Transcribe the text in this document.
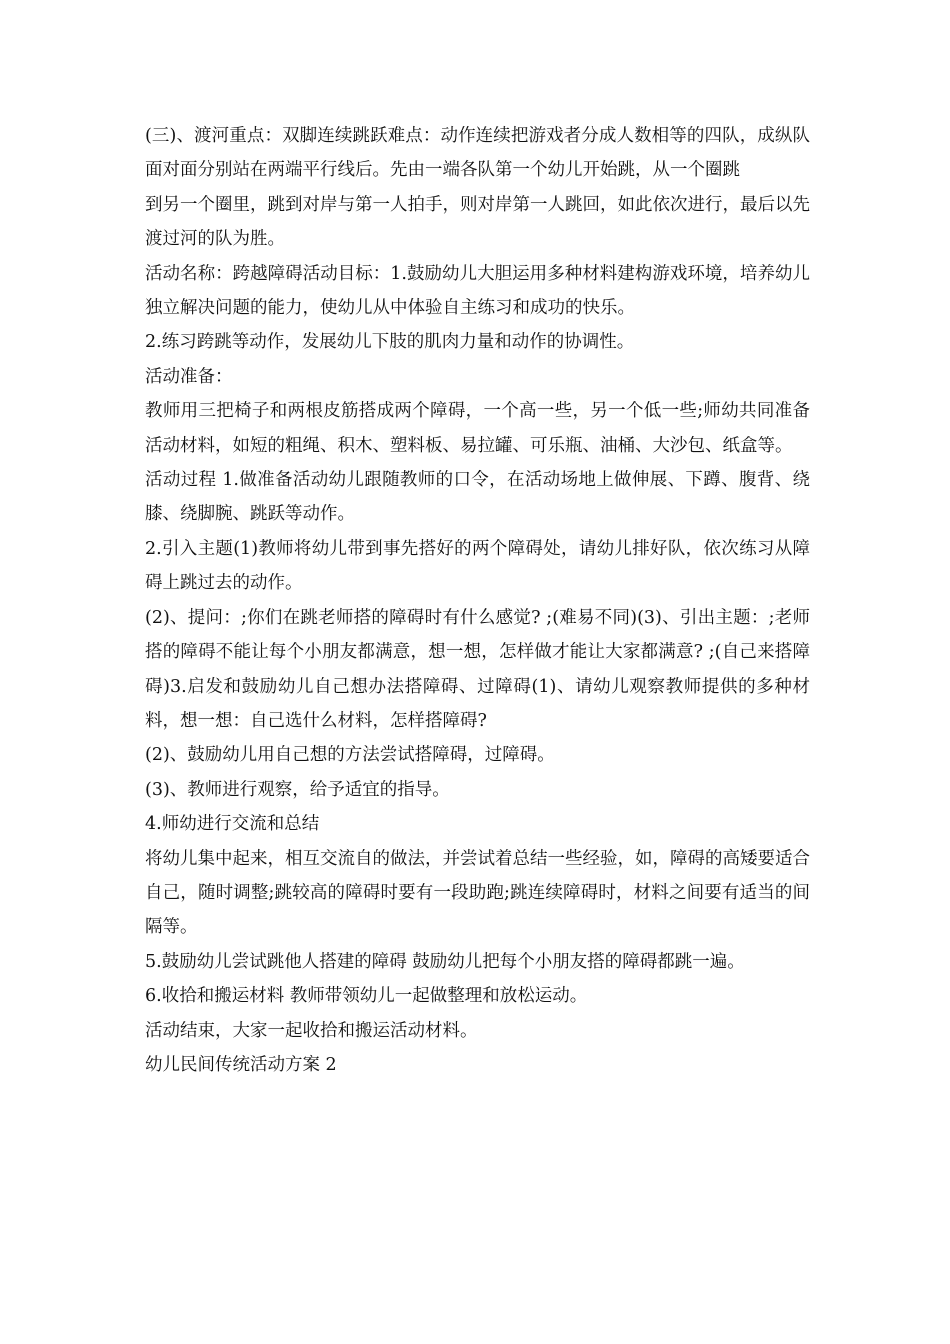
(三)、渡河重点：双脚连续跳跃难点：动作连续把游戏者分成人数相等的四队，成纵队面对面分别站在两端平行线后。先由一端各队第一个幼儿开始跳，从一个圈跳

到另一个圈里，跳到对岸与第一人拍手，则对岸第一人跳回，如此依次进行，最后以先渡过河的队为胜。

活动名称：跨越障碍活动目标：1.鼓励幼儿大胆运用多种材料建构游戏环境，培养幼儿 独立解决问题的能力，使幼儿从中体验自主练习和成功的快乐。

2.练习跨跳等动作，发展幼儿下肢的肌肉力量和动作的协调性。

活动准备：

教师用三把椅子和两根皮筋搭成两个障碍，一个高一些，另一个低一些;师幼共同准备活动材料，如短的粗绳、积木、塑料板、易拉罐、可乐瓶、油桶、大沙包、纸盒等。

活动过程 1.做准备活动幼儿跟随教师的口令，在活动场地上做伸展、下蹲、腹背、绕膝、绕脚腕、跳跃等动作。

2.引入主题(1)教师将幼儿带到事先搭好的两个障碍处，请幼儿排好队，依次练习从障碍上跳过去的动作。

(2)、提问：;你们在跳老师搭的障碍时有什么感觉? ;(难易不同)(3)、引出主题：;老师搭的障碍不能让每个小朋友都满意，想一想，怎样做才能让大家都满意? ;(自己来搭障碍)3.启发和鼓励幼儿自己想办法搭障碍、过障碍(1)、请幼儿观察教师提供的多种材料，想一想：自己选什么材料，怎样搭障碍?

(2)、鼓励幼儿用自己想的方法尝试搭障碍，过障碍。

(3)、教师进行观察，给予适宜的指导。

4.师幼进行交流和总结

将幼儿集中起来，相互交流自的做法，并尝试着总结一些经验，如，障碍的高矮要适合自己，随时调整;跳较高的障碍时要有一段助跑;跳连续障碍时，材料之间要有适当的间隔等。

5.鼓励幼儿尝试跳他人搭建的障碍 鼓励幼儿把每个小朋友搭的障碍都跳一遍。

6.收拾和搬运材料 教师带领幼儿一起做整理和放松运动。

活动结束，大家一起收拾和搬运活动材料。

幼儿民间传统活动方案 2
